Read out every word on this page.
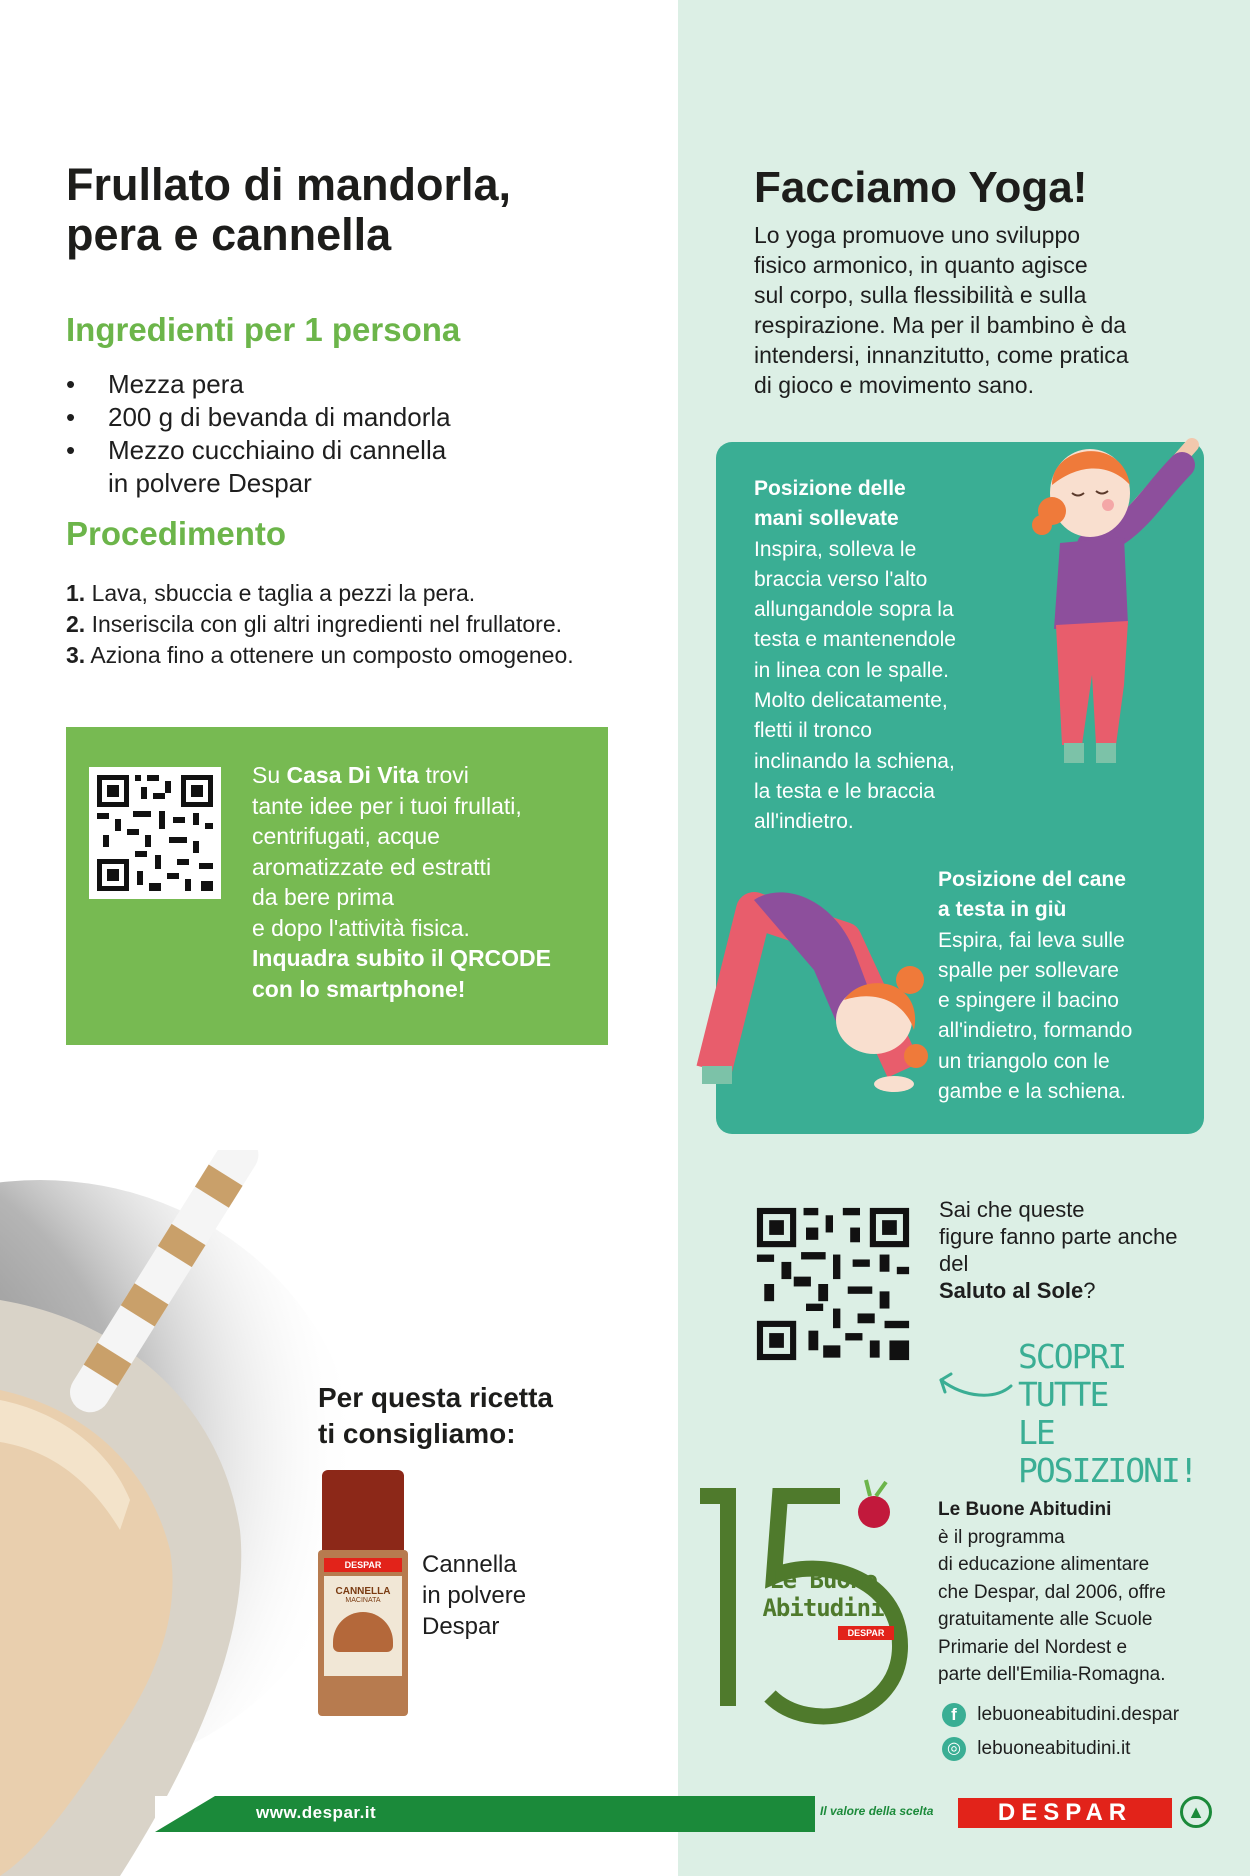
Frullato di mandorla,
pera e cannella
Ingredienti per 1 persona
• Mezza pera
• 200 g di bevanda di mandorla
• Mezzo cucchiaino di cannella
in polvere Despar
Procedimento
1. Lava, sbuccia e taglia a pezzi la pera.
2. Inseriscila con gli altri ingredienti nel frullatore.
3. Aziona fino a ottenere un composto omogeneo.
Su Casa Di Vita trovi
tante idee per i tuoi frullati,
centrifugati, acque
aromatizzate ed estratti
da bere prima
e dopo l'attività fisica.
Inquadra subito il QRCODE
con lo smartphone!
Per questa ricetta
ti consigliamo:
DESPAR
CANNELLA
MACINATA
Cannella
in polvere
Despar
Facciamo Yoga!
Lo yoga promuove uno sviluppo
fisico armonico, in quanto agisce
sul corpo, sulla flessibilità e sulla
respirazione. Ma per il bambino è da
intendersi, innanzitutto, come pratica
di gioco e movimento sano.
Posizione delle
mani sollevate
Inspira, solleva le
braccia verso l'alto
allungandole sopra la
testa e mantenendole
in linea con le spalle.
Molto delicatamente,
fletti il tronco
inclinando la schiena,
la testa e le braccia
all'indietro.
Posizione del cane
a testa in giù
Espira, fai leva sulle
spalle per sollevare
e spingere il bacino
all'indietro, formando
un triangolo con le
gambe e la schiena.
Sai che queste
figure fanno parte anche
del
Saluto al Sole?
SCOPRI TUTTE
LE POSIZIONI!
Le Buone
Abitudini
DESPAR
Le Buone Abitudini
è il programma
di educazione alimentare
che Despar, dal 2006, offre
gratuitamente alle Scuole
Primarie del Nordest e
parte dell'Emilia-Romagna.
f lebuoneabitudini.despar
◎ lebuoneabitudini.it
www.despar.it	Il valore della scelta	DESPAR	▲
